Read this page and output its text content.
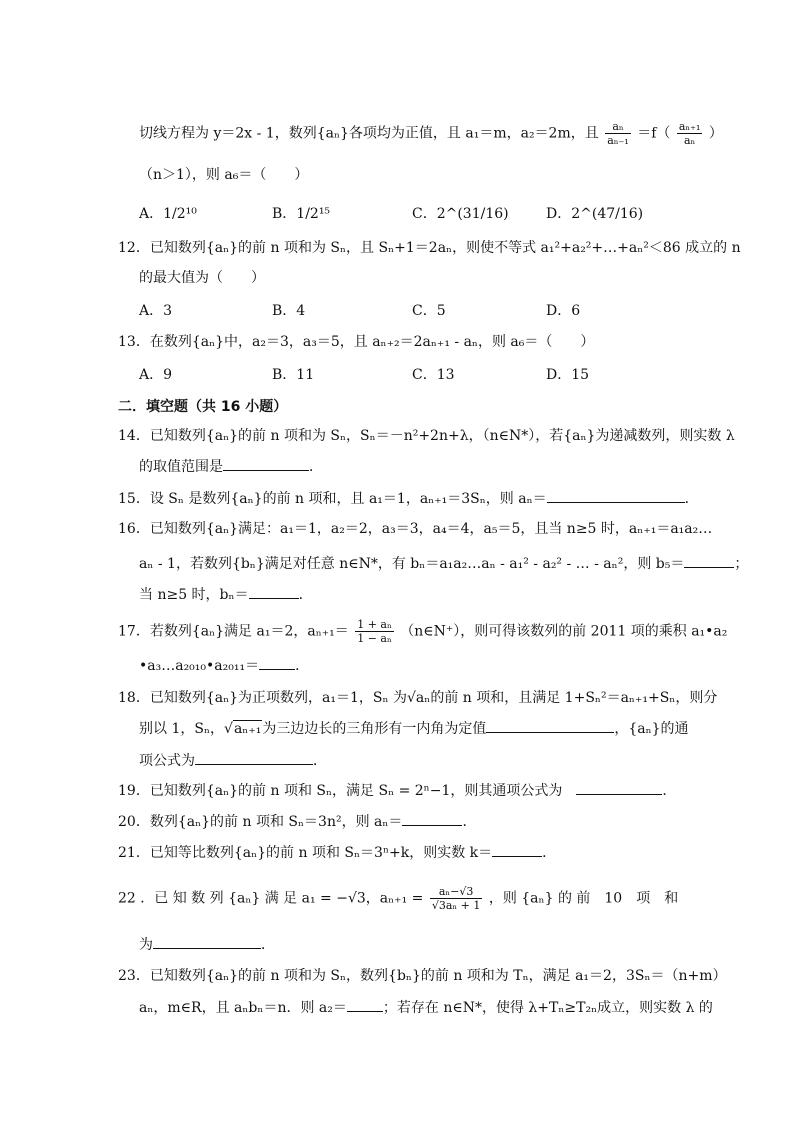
切线方程为 y＝2x - 1，数列{aₙ}各项均为正值，且 a₁＝m，a₂＝2m，且 $\frac{\text{aₙ}}{\text{aₙ₋₁}} =f( \frac{\text{aₙ₊₁}}{\text{aₙ}}$ ）
（n＞1），则 a₆＝（　　）
A．1/2¹⁰	B．1/2¹⁵	C．2^(31/16)	D．2^(47/16)
12．已知数列{aₙ}的前 n 项和为 Sₙ，且 Sₙ+1＝2aₙ，则使不等式 a₁²+a₂²+…+aₙ²＜86 成立的 n
的最大值为（　　）
A．3	B．4	C．5	D．6
13．在数列{aₙ}中，a₂＝3，a₃＝5，且 aₙ₊₂＝2aₙ₊₁ - aₙ，则 a₆＝（　　）
A．9	B．11	C．13	D．15
二．填空题（共 16 小题）
14．已知数列{aₙ}的前 n 项和为 Sₙ，Sₙ＝－n²+2n+λ，（n∈N*），若{aₙ}为递减数列，则实数 λ
的取值范围是	．
15．设 Sₙ 是数列{aₙ}的前 n 项和，且 a₁＝1，aₙ₊₁＝3Sₙ，则 aₙ＝	．
16．已知数列{aₙ}满足：a₁＝1，a₂＝2，a₃＝3，a₄＝4，a₅＝5，且当 n≥5 时，aₙ₊₁＝a₁a₂…
aₙ - 1，若数列{bₙ}满足对任意 n∈N*，有 bₙ＝a₁a₂…aₙ - a₁² - a₂² - … - aₙ²，则 b₅＝	；
当 n≥5 时，bₙ＝	．
17．若数列{aₙ}满足 a₁＝2，$a_{n+1}= \frac{\text{1 + aₙ}}{\text{1 − aₙ}}$ （n∈N⁺），则可得该数列的前 2011 项的乘积 a₁•a₂
•a₃…a₂₀₁₀•a₂₀₁₁＝	．
18．已知数列{aₙ}为正项数列，a₁＝1，Sₙ 为√aₙ的前 n 项和，且满足 1+Sₙ²＝aₙ₊₁+Sₙ，则分
别以 1，Sₙ，√aₙ₊₁为三边边长的三角形有一内角为定值	，{aₙ}的通
项公式为	．
19．已知数列{aₙ}的前 n 项和 Sₙ，满足 Sₙ = 2ⁿ−1，则其通项公式为　	．
20．数列{aₙ}的前 n 项和 Sₙ＝3n²，则 aₙ＝	．
21．已知等比数列{aₙ}的前 n 项和 Sₙ＝3ⁿ+k，则实数 k＝	．
22 ．已 知 数 列 {aₙ} 满 足 a₁ = −√3，$a_{n+1} = \frac{\text{aₙ−√3}}{\text{√3aₙ + 1}}$ ，则 {aₙ} 的 前　10　项　和
为	．
23．已知数列{aₙ}的前 n 项和为 Sₙ，数列{bₙ}的前 n 项和为 Tₙ，满足 a₁＝2，3Sₙ＝（n+m）
aₙ，m∈R，且 aₙbₙ＝n．则 a₂＝	；若存在 n∈N*，使得 λ+Tₙ≥T₂ₙ成立，则实数 λ 的
